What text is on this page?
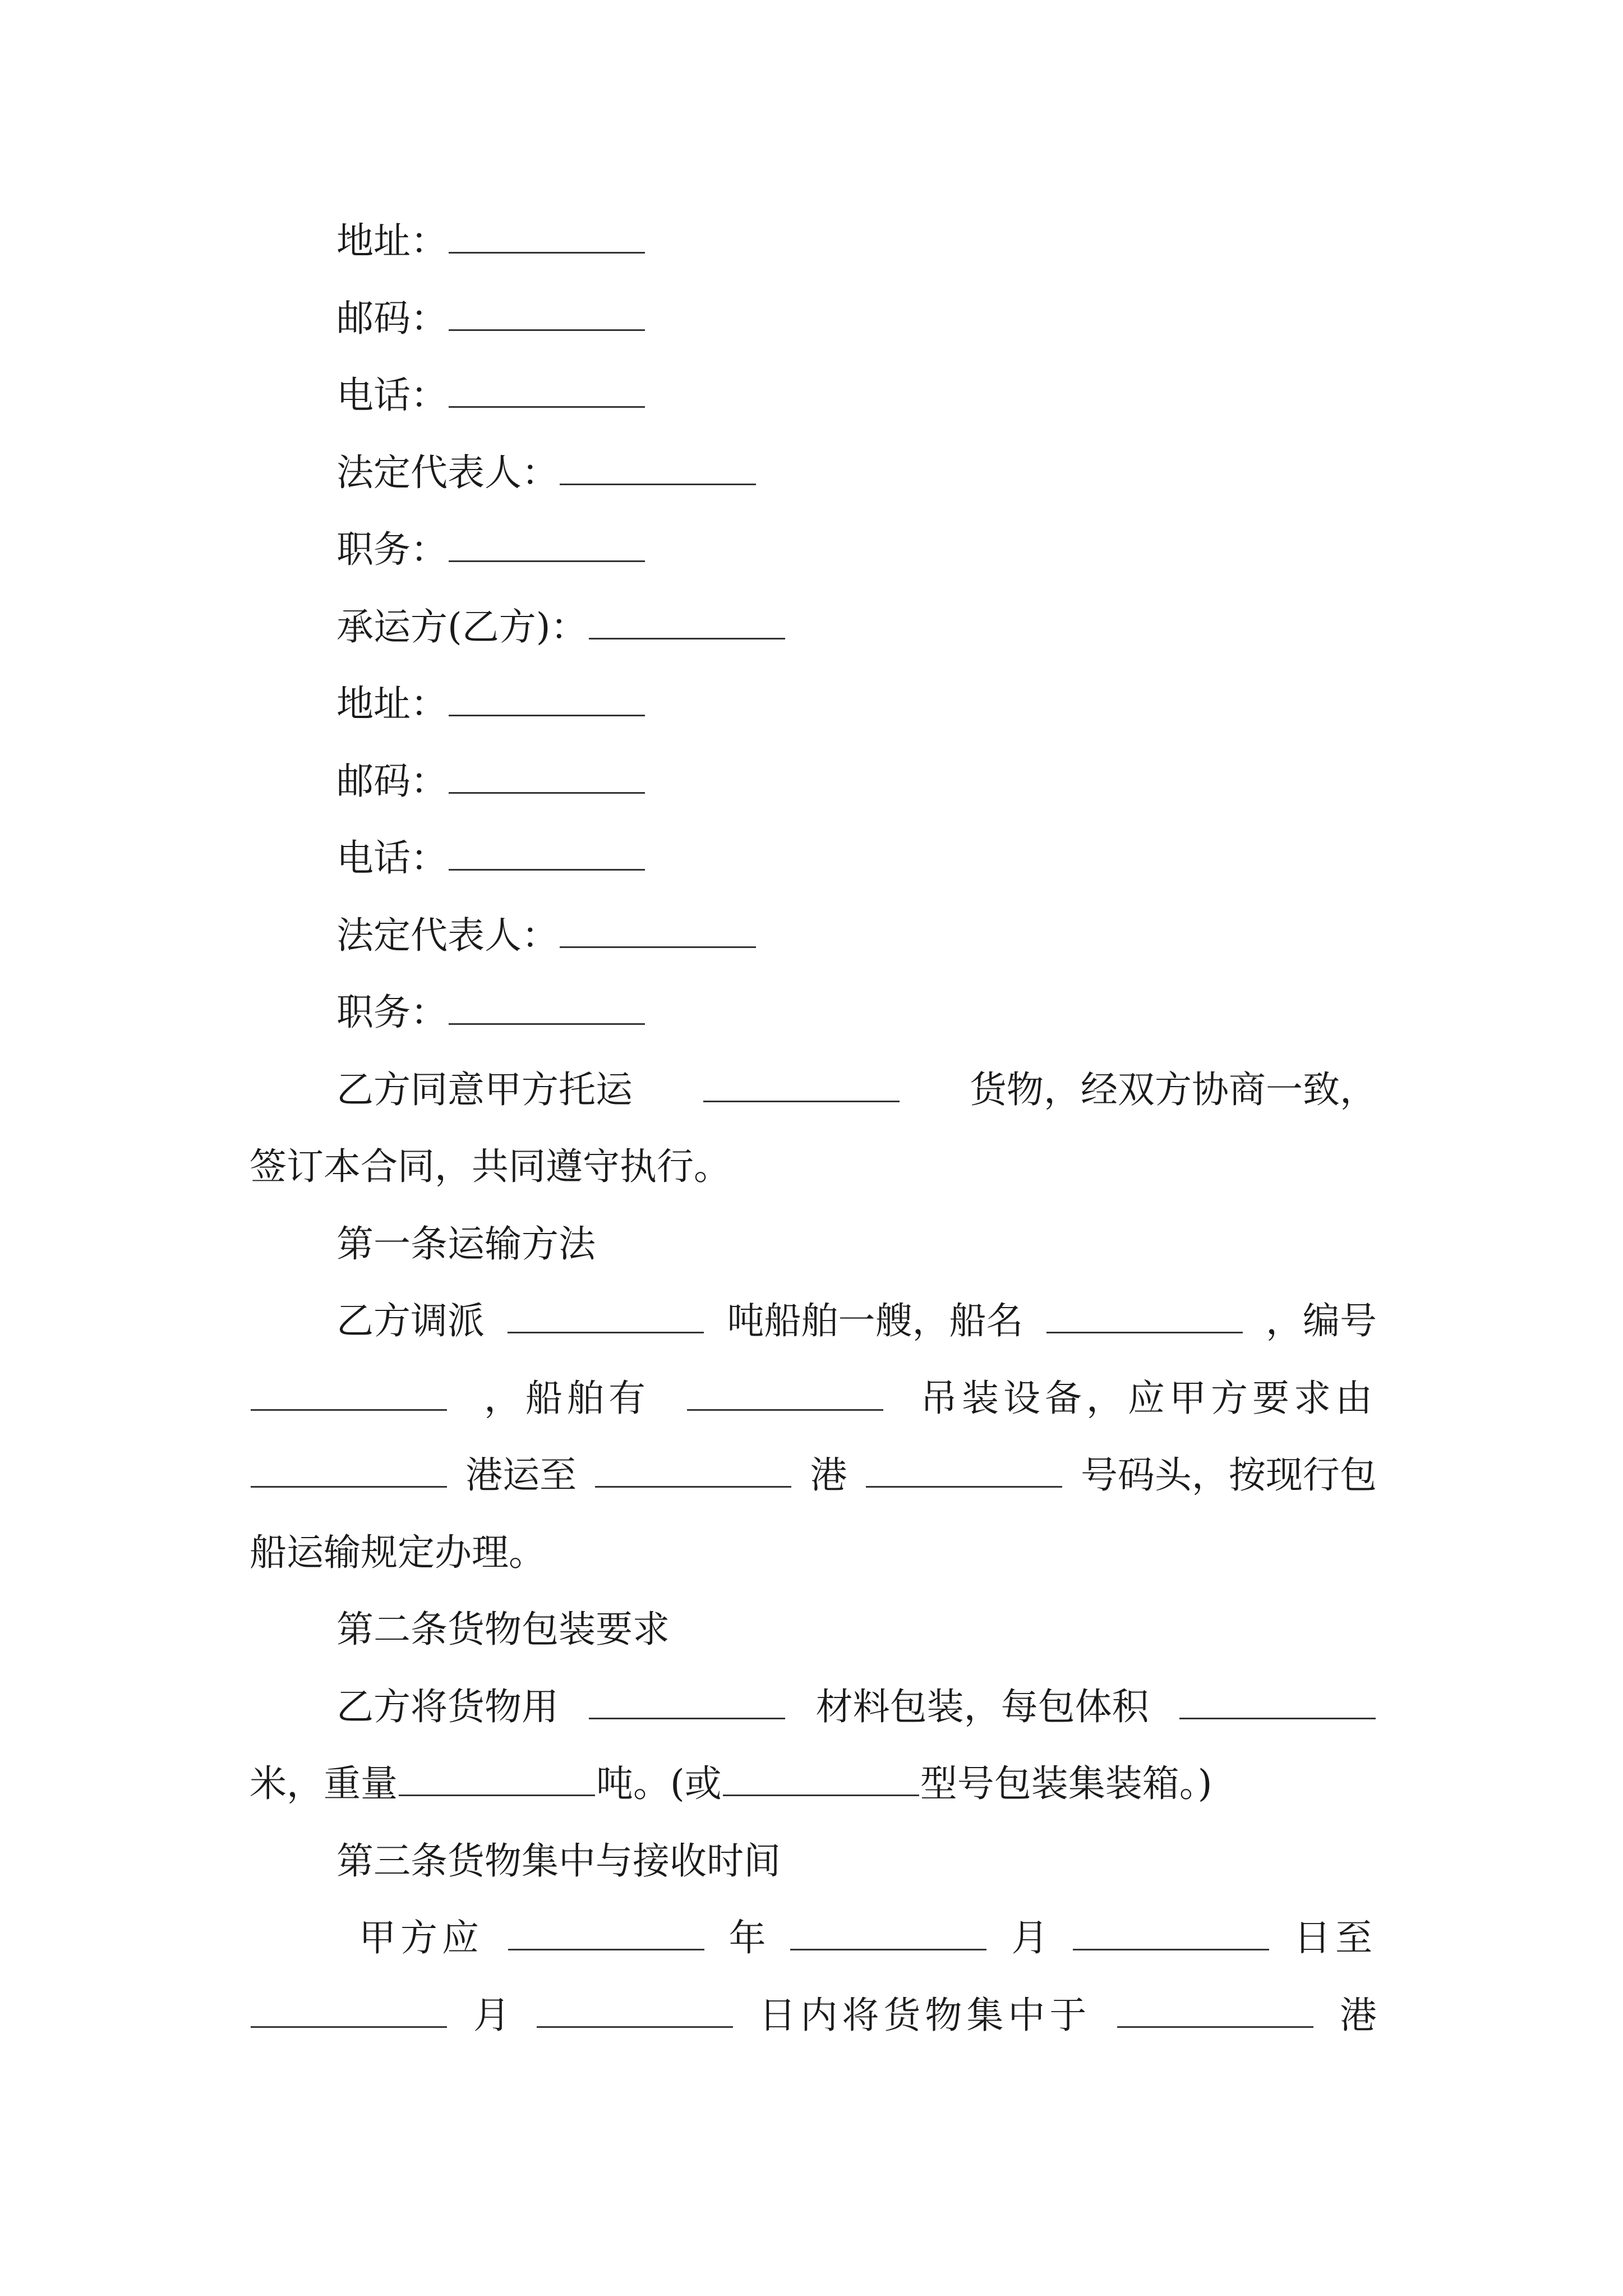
地址：
邮码：
电话：
法定代表人：
职务：
承运方(乙方)：
地址：
邮码：
电话：
法定代表人：
职务：
乙方同意甲方托运	货物，经双方协商一致，
签订本合同，共同遵守执行。
第一条运输方法
乙方调派	吨船舶一艘，船名	，编号
，船舶有	吊装设备，应甲方要求由
港运至	港	号码头，按现行包
船运输规定办理。
第二条货物包装要求
乙方将货物用	材料包装，每包体积
米，重量	吨。(或	型号包装集装箱。)
第三条货物集中与接收时间
甲方应	年	月	日至
月	日内将货物集中于	港
